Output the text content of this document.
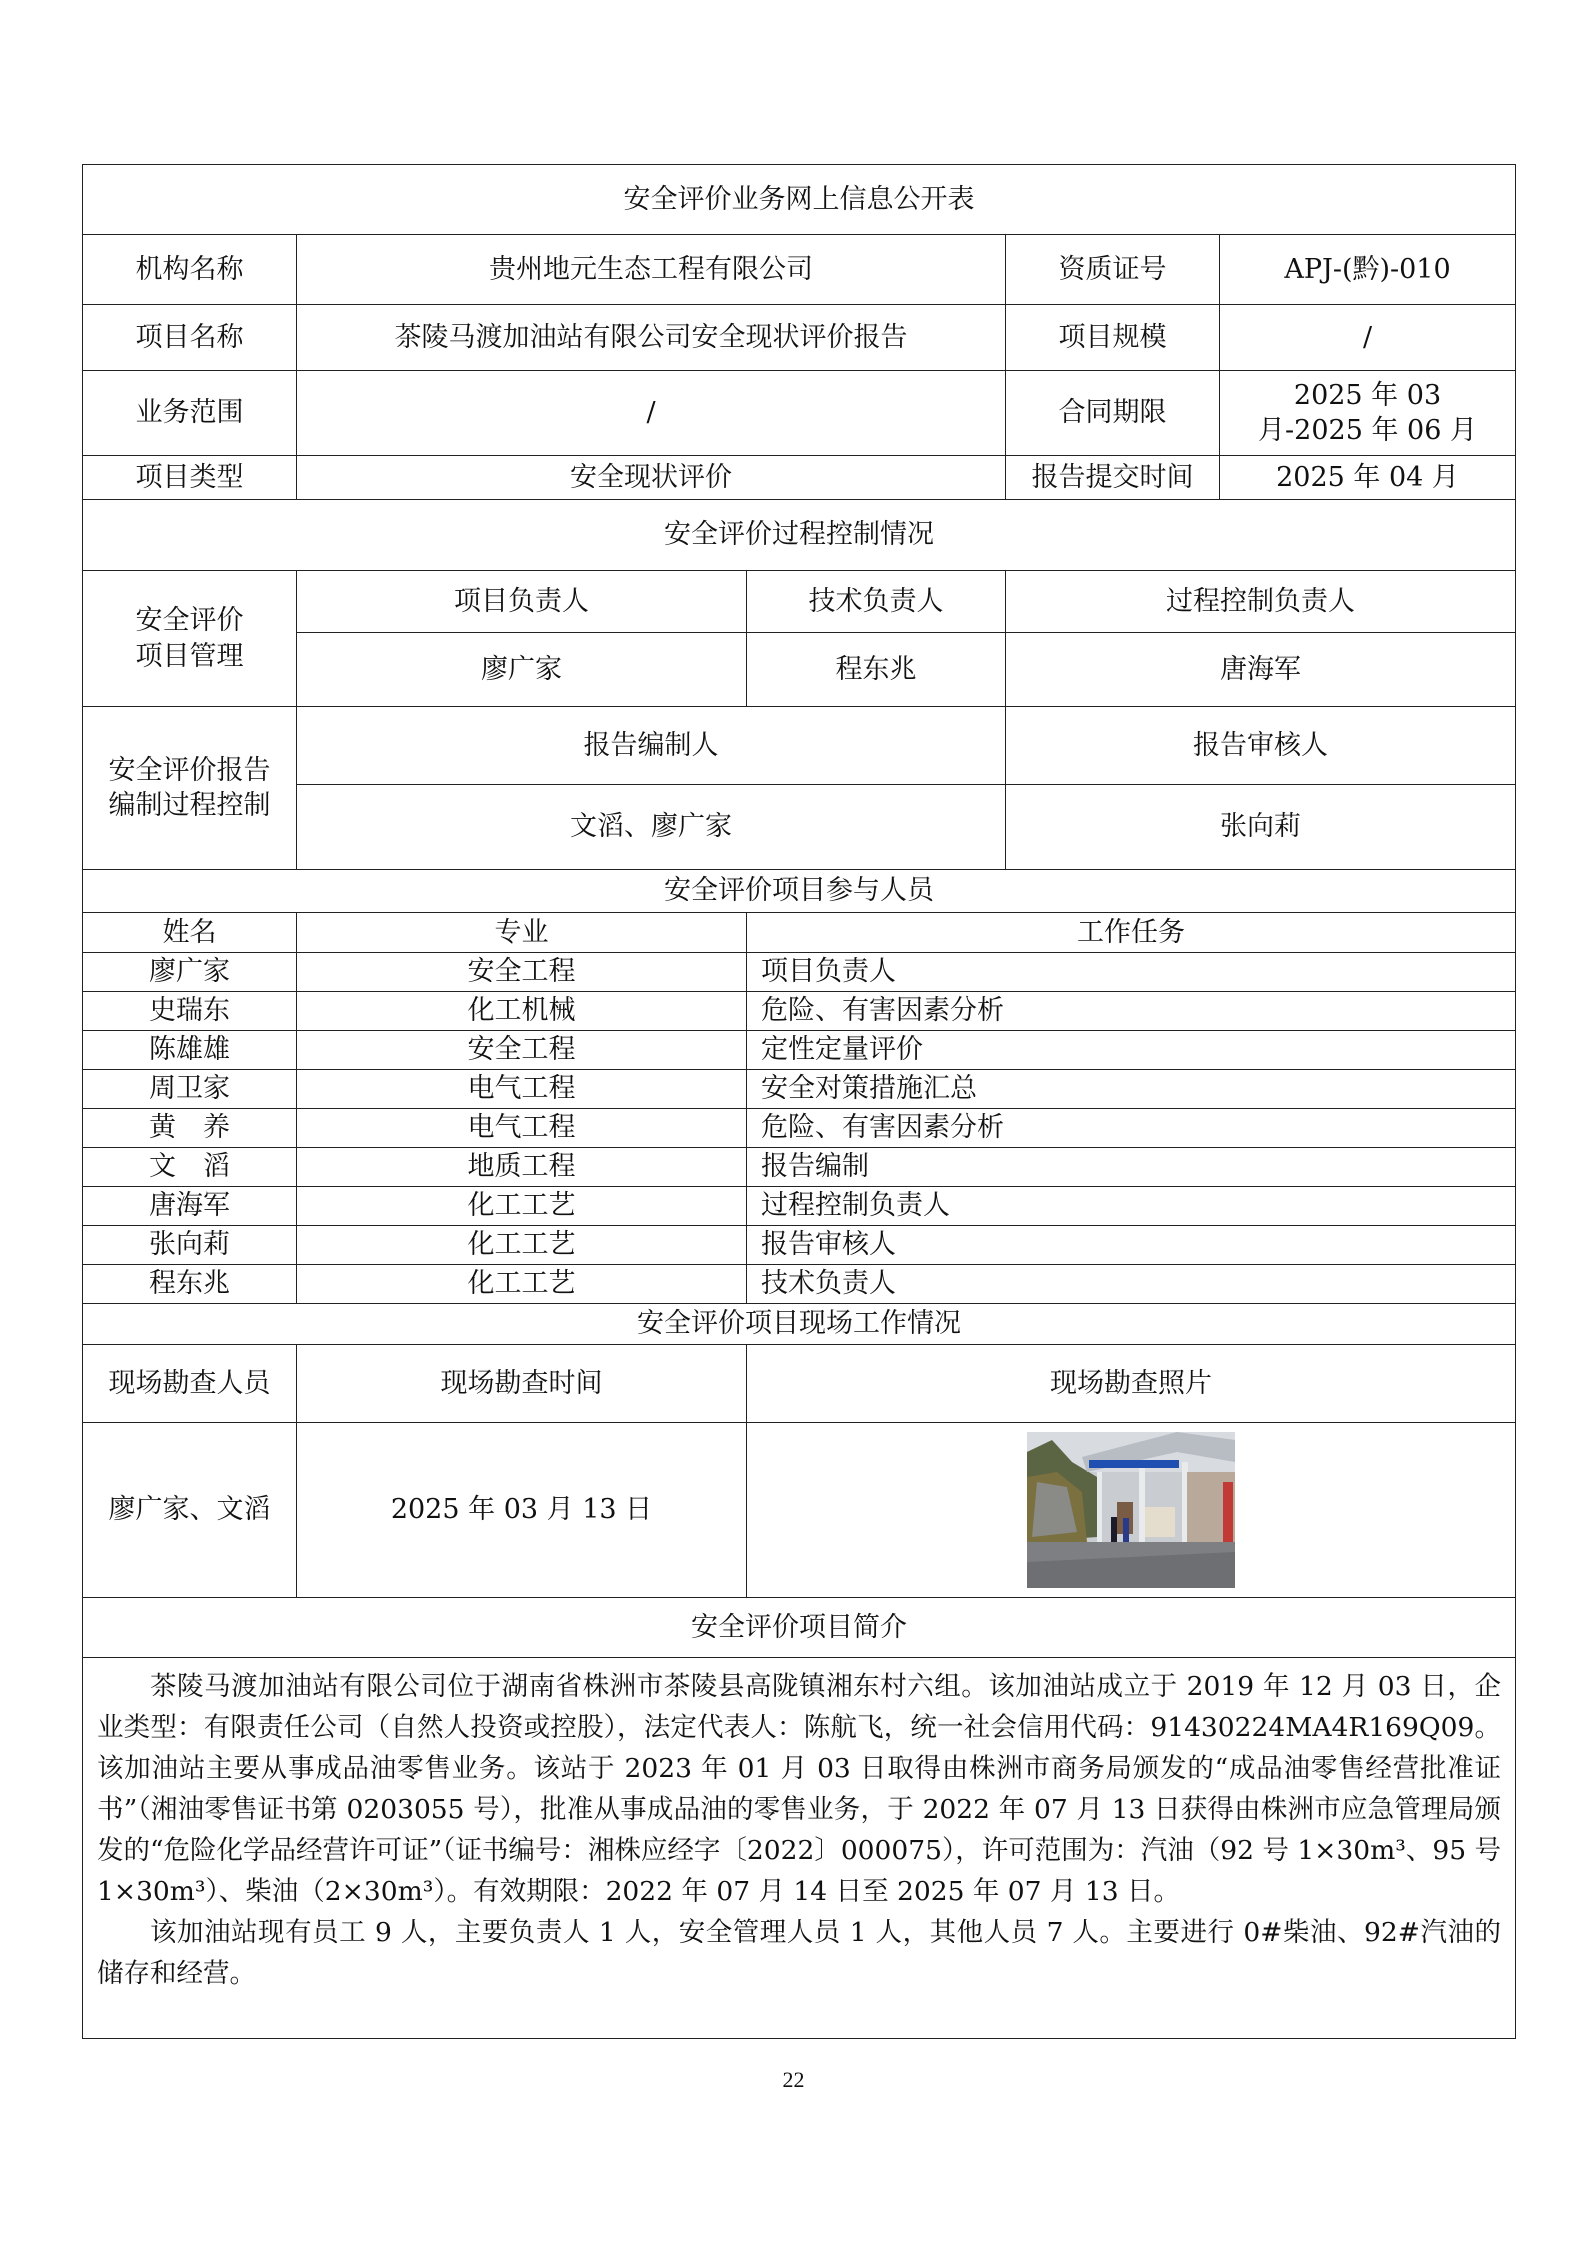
安全评价业务网上信息公开表				
机构名称	贵州地元生态工程有限公司		资质证号	APJ-(黔)-010
项目名称	茶陵马渡加油站有限公司安全现状评价报告		项目规模	/
业务范围	/		合同期限	2025 年 03 月-2025 年 06 月
项目类型	安全现状评价		报告提交时间	2025 年 04 月
安全评价过程控制情况				
安全评价项目管理	项目负责人	技术负责人	过程控制负责人	
	廖广家	程东兆	唐海军	
安全评价报告编制过程控制	报告编制人		报告审核人	
	文滔、廖广家		张向莉	
安全评价项目参与人员				
姓名	专业	工作任务		
廖广家	安全工程	项目负责人		
史瑞东	化工机械	危险、有害因素分析		
陈雄雄	安全工程	定性定量评价		
周卫家	电气工程	安全对策措施汇总		
黄　养	电气工程	危险、有害因素分析		
文　滔	地质工程	报告编制		
唐海军	化工工艺	过程控制负责人		
张向莉	化工工艺	报告审核人		
程东兆	化工工艺	技术负责人		
安全评价项目现场工作情况				
现场勘查人员	现场勘查时间	现场勘查照片		
廖广家、文滔	2025 年 03 月 13 日	
安全评价项目简介				

茶陵马渡加油站有限公司位于湖南省株洲市茶陵县高陇镇湘东村六组。该加油站成立于 2019 年 12 月 03 日，企业类型：有限责任公司（自然人投资或控股），法定代表人：陈航飞，统一社会信用代码：91430224MA4R169Q09。该加油站主要从事成品油零售业务。该站于 2023 年 01 月 03 日取得由株洲市商务局颁发的“成品油零售经营批准证书”（湘油零售证书第 0203055 号），批准从事成品油的零售业务，于 2022 年 07 月 13 日获得由株洲市应急管理局颁发的“危险化学品经营许可证”（证书编号：湘株应经字〔2022〕000075），许可范围为：汽油（92 号 1×30m³、95 号 1×30m³）、柴油（2×30m³）。有效期限：2022 年 07 月 14 日至 2025 年 07 月 13 日。

该加油站现有员工 9 人，主要负责人 1 人，安全管理人员 1 人，其他人员 7 人。主要进行 0#柴油、92#汽油的储存和经营。				

22
